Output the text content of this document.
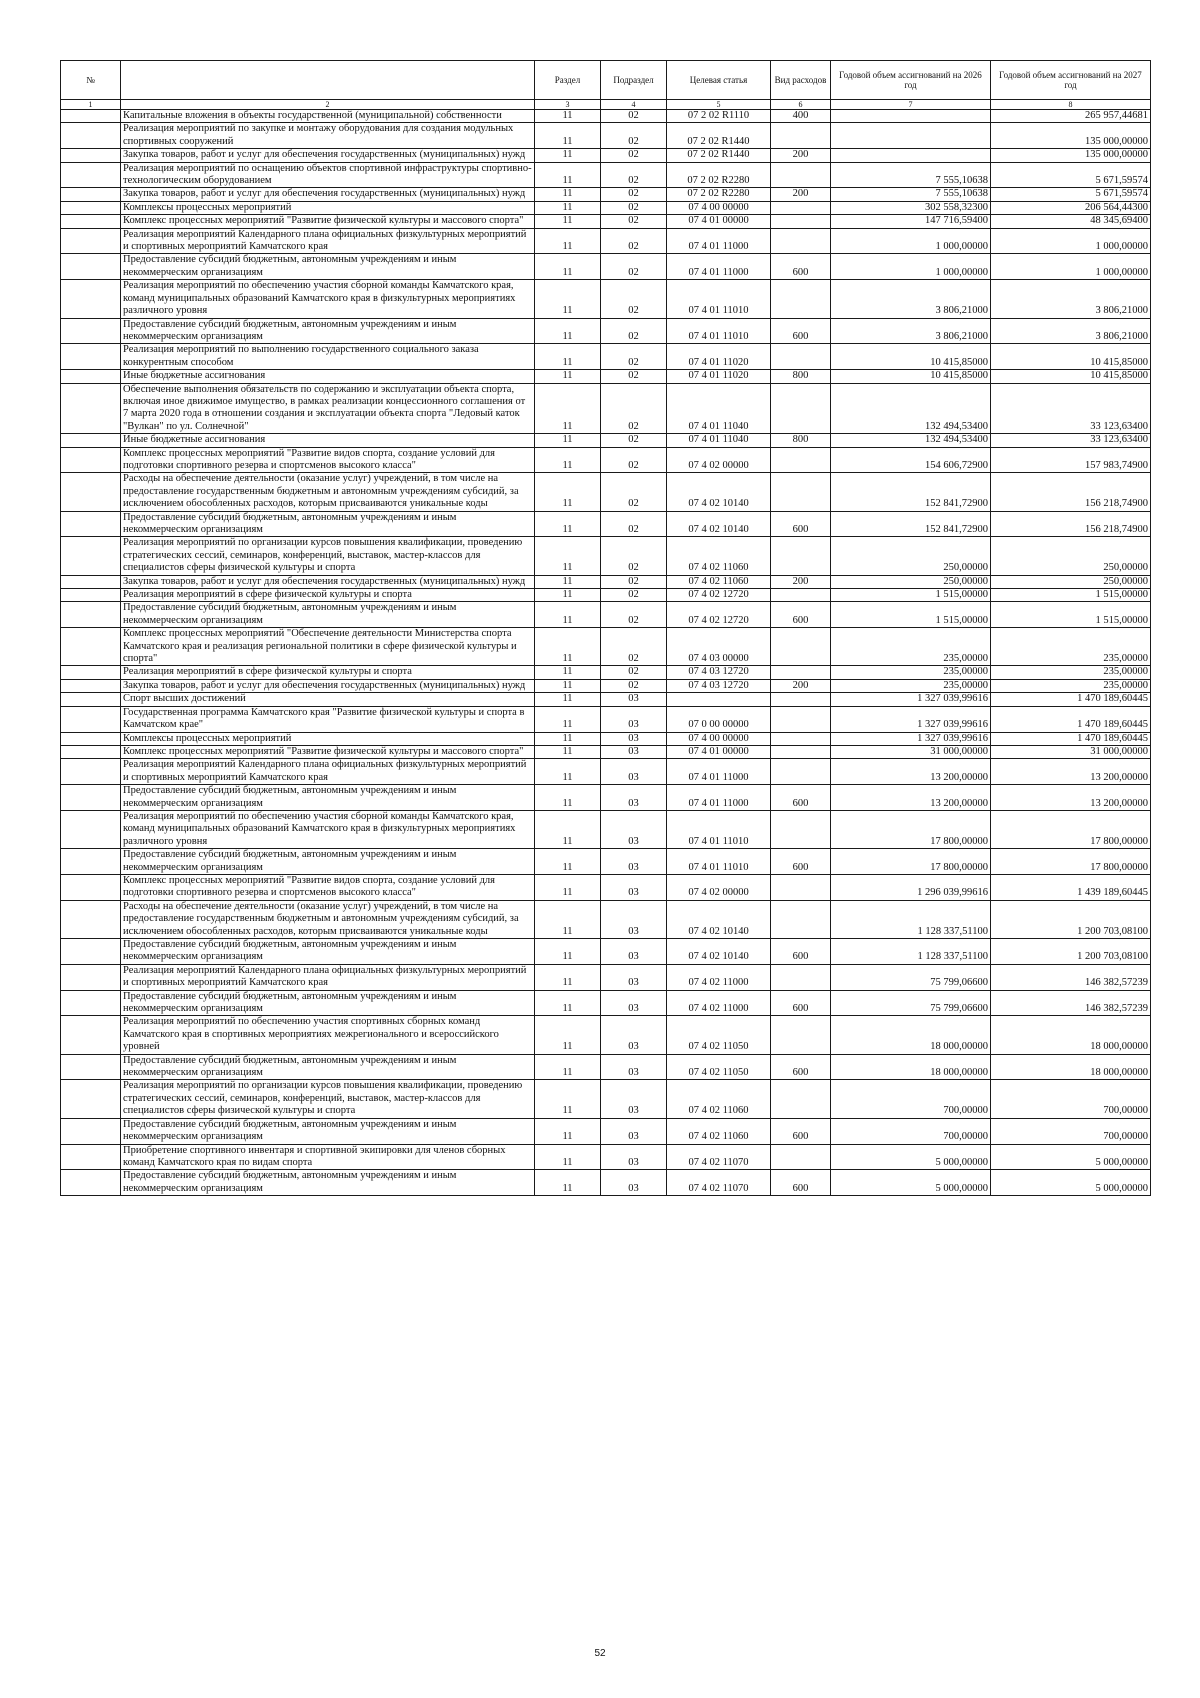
№		Раздел	Подраздел	Целевая статья	Вид расходов	Годовой объем ассигнований на 2026 год	Годовой объем ассигнований на 2027 год
1	2	3	4	5	6	7	8
	Капитальные вложения в объекты государственной (муниципальной) собственности	11	02	07 2 02 R1110	400		265 957,44681
	Реализация мероприятий по закупке и монтажу оборудования для создания модульных спортивных сооружений	11	02	07 2 02 R1440			135 000,00000
	Закупка товаров, работ и услуг для обеспечения государственных (муниципальных) нужд	11	02	07 2 02 R1440	200		135 000,00000
	Реализация мероприятий по оснащению объектов спортивной инфраструктуры спортивно-технологическим оборудованием	11	02	07 2 02 R2280		7 555,10638	5 671,59574
	Закупка товаров, работ и услуг для обеспечения государственных (муниципальных) нужд	11	02	07 2 02 R2280	200	7 555,10638	5 671,59574
	Комплексы процессных мероприятий	11	02	07 4 00 00000		302 558,32300	206 564,44300
	Комплекс процессных мероприятий "Развитие физической культуры и массового спорта"	11	02	07 4 01 00000		147 716,59400	48 345,69400
	Реализация мероприятий Календарного плана официальных физкультурных мероприятий и спортивных мероприятий Камчатского края	11	02	07 4 01 11000		1 000,00000	1 000,00000
	Предоставление субсидий бюджетным, автономным учреждениям и иным некоммерческим организациям	11	02	07 4 01 11000	600	1 000,00000	1 000,00000
	Реализация мероприятий по обеспечению участия сборной команды Камчатского края, команд муниципальных образований Камчатского края в физкультурных мероприятиях различного уровня	11	02	07 4 01 11010		3 806,21000	3 806,21000
	Предоставление субсидий бюджетным, автономным учреждениям и иным некоммерческим организациям	11	02	07 4 01 11010	600	3 806,21000	3 806,21000
	Реализация мероприятий по выполнению государственного социального заказа конкурентным способом	11	02	07 4 01 11020		10 415,85000	10 415,85000
	Иные бюджетные ассигнования	11	02	07 4 01 11020	800	10 415,85000	10 415,85000
	Обеспечение выполнения обязательств по содержанию и эксплуатации объекта спорта, включая иное движимое имущество, в рамках реализации концессионного соглашения от 7 марта 2020 года в отношении создания и эксплуатации объекта спорта "Ледовый каток "Вулкан" по ул. Солнечной"	11	02	07 4 01 11040		132 494,53400	33 123,63400
	Иные бюджетные ассигнования	11	02	07 4 01 11040	800	132 494,53400	33 123,63400
	Комплекс процессных мероприятий "Развитие видов спорта, создание условий для подготовки спортивного резерва и спортсменов высокого класса"	11	02	07 4 02 00000		154 606,72900	157 983,74900
	Расходы на обеспечение деятельности (оказание услуг) учреждений, в том числе на предоставление государственным бюджетным и автономным учреждениям субсидий, за исключением обособленных расходов, которым присваиваются уникальные коды	11	02	07 4 02 10140		152 841,72900	156 218,74900
	Предоставление субсидий бюджетным, автономным учреждениям и иным некоммерческим организациям	11	02	07 4 02 10140	600	152 841,72900	156 218,74900
	Реализация мероприятий по организации курсов повышения квалификации, проведению стратегических сессий, семинаров, конференций, выставок, мастер-классов для специалистов сферы физической культуры и спорта	11	02	07 4 02 11060		250,00000	250,00000
	Закупка товаров, работ и услуг для обеспечения государственных (муниципальных) нужд	11	02	07 4 02 11060	200	250,00000	250,00000
	Реализация мероприятий в сфере физической культуры и спорта	11	02	07 4 02 12720		1 515,00000	1 515,00000
	Предоставление субсидий бюджетным, автономным учреждениям и иным некоммерческим организациям	11	02	07 4 02 12720	600	1 515,00000	1 515,00000
	Комплекс процессных мероприятий "Обеспечение деятельности Министерства спорта Камчатского края и реализация региональной политики в сфере физической культуры и спорта"	11	02	07 4 03 00000		235,00000	235,00000
	Реализация мероприятий в сфере физической культуры и спорта	11	02	07 4 03 12720		235,00000	235,00000
	Закупка товаров, работ и услуг для обеспечения государственных (муниципальных) нужд	11	02	07 4 03 12720	200	235,00000	235,00000
	Спорт высших достижений	11	03			1 327 039,99616	1 470 189,60445
	Государственная программа Камчатского края "Развитие физической культуры и спорта в Камчатском крае"	11	03	07 0 00 00000		1 327 039,99616	1 470 189,60445
	Комплексы процессных мероприятий	11	03	07 4 00 00000		1 327 039,99616	1 470 189,60445
	Комплекс процессных мероприятий "Развитие физической культуры и массового спорта"	11	03	07 4 01 00000		31 000,00000	31 000,00000
	Реализация мероприятий Календарного плана официальных физкультурных мероприятий и спортивных мероприятий Камчатского края	11	03	07 4 01 11000		13 200,00000	13 200,00000
	Предоставление субсидий бюджетным, автономным учреждениям и иным некоммерческим организациям	11	03	07 4 01 11000	600	13 200,00000	13 200,00000
	Реализация мероприятий по обеспечению участия сборной команды Камчатского края, команд муниципальных образований Камчатского края в физкультурных мероприятиях различного уровня	11	03	07 4 01 11010		17 800,00000	17 800,00000
	Предоставление субсидий бюджетным, автономным учреждениям и иным некоммерческим организациям	11	03	07 4 01 11010	600	17 800,00000	17 800,00000
	Комплекс процессных мероприятий "Развитие видов спорта, создание условий для подготовки спортивного резерва и спортсменов высокого класса"	11	03	07 4 02 00000		1 296 039,99616	1 439 189,60445
	Расходы на обеспечение деятельности (оказание услуг) учреждений, в том числе на предоставление государственным бюджетным и автономным учреждениям субсидий, за исключением обособленных расходов, которым присваиваются уникальные коды	11	03	07 4 02 10140		1 128 337,51100	1 200 703,08100
	Предоставление субсидий бюджетным, автономным учреждениям и иным некоммерческим организациям	11	03	07 4 02 10140	600	1 128 337,51100	1 200 703,08100
	Реализация мероприятий Календарного плана официальных физкультурных мероприятий и спортивных мероприятий Камчатского края	11	03	07 4 02 11000		75 799,06600	146 382,57239
	Предоставление субсидий бюджетным, автономным учреждениям и иным некоммерческим организациям	11	03	07 4 02 11000	600	75 799,06600	146 382,57239
	Реализация мероприятий по обеспечению участия спортивных сборных команд Камчатского края в спортивных мероприятиях межрегионального и всероссийского уровней	11	03	07 4 02 11050		18 000,00000	18 000,00000
	Предоставление субсидий бюджетным, автономным учреждениям и иным некоммерческим организациям	11	03	07 4 02 11050	600	18 000,00000	18 000,00000
	Реализация мероприятий по организации курсов повышения квалификации, проведению стратегических сессий, семинаров, конференций, выставок, мастер-классов для специалистов сферы физической культуры и спорта	11	03	07 4 02 11060		700,00000	700,00000
	Предоставление субсидий бюджетным, автономным учреждениям и иным некоммерческим организациям	11	03	07 4 02 11060	600	700,00000	700,00000
	Приобретение спортивного инвентаря и спортивной экипировки для членов сборных команд Камчатского края по видам спорта	11	03	07 4 02 11070		5 000,00000	5 000,00000
	Предоставление субсидий бюджетным, автономным учреждениям и иным некоммерческим организациям	11	03	07 4 02 11070	600	5 000,00000	5 000,00000
52
